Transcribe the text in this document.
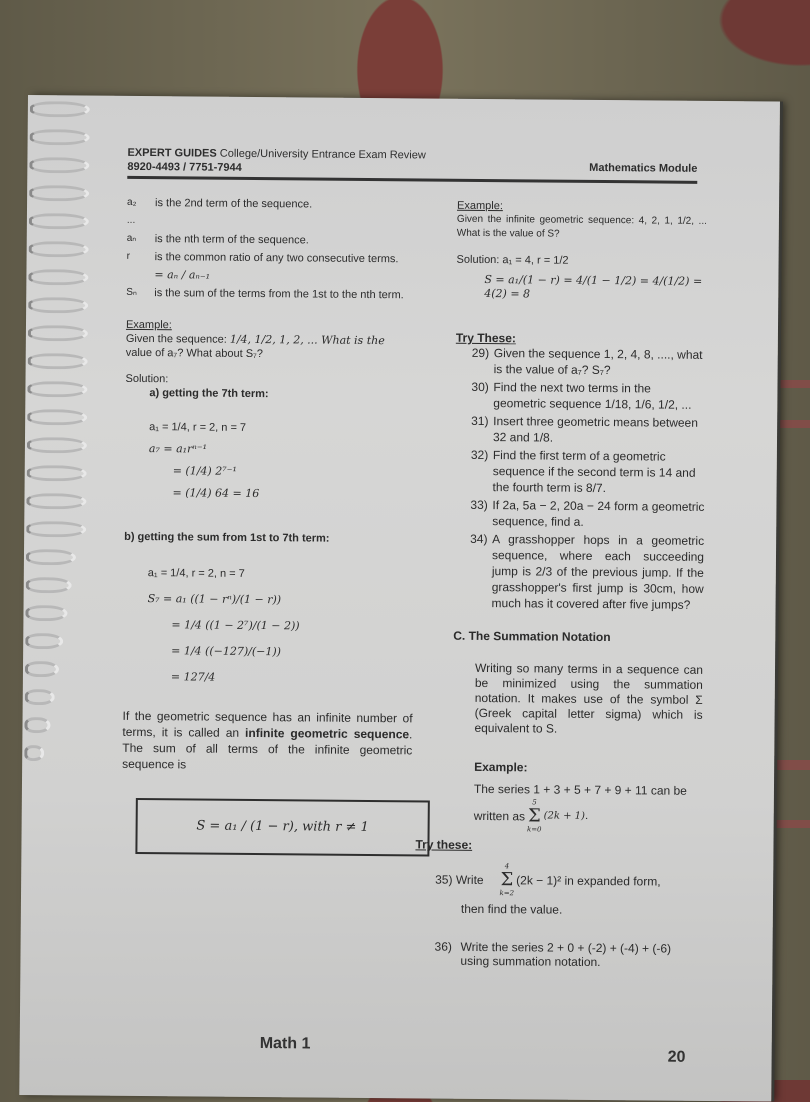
EXPERT GUIDES College/University Entrance Exam Review
8920-4493 / 7751-7944	Mathematics Module
a₂	is the 2nd term of the sequence.
...
aₙ	is the nth term of the sequence.
r	is the common ratio of any two consecutive terms.
= aₙ / aₙ₋₁
Sₙ	is the sum of the terms from the 1st to the nth term.
Example:
Given the sequence: 1/4, 1/2, 1, 2, ... What is the
value of a₇? What about S₇?
Solution:
a) getting the 7th term:
a₁ = 1/4, r = 2, n = 7
a₇ = a₁rⁿ⁻¹
= (1/4) 2⁷⁻¹
= (1/4) 64 = 16
b) getting the sum from 1st to 7th term:
a₁ = 1/4, r = 2, n = 7
S₇ = a₁ ((1 − rⁿ)/(1 − r))
= 1/4 ((1 − 2⁷)/(1 − 2))
= 1/4 ((−127)/(−1))
= 127/4
If the geometric sequence has an infinite number of terms, it is called an infinite geometric sequence. The sum of all terms of the infinite geometric sequence is
S = a₁ / (1 − r), with r ≠ 1
Example:
Given the infinite geometric sequence: 4, 2, 1, 1/2, ... What is the value of S?
Solution: a₁ = 4, r = 1/2
S = a₁/(1 − r) = 4/(1 − 1/2) = 4/(1/2) = 4(2) = 8
Try These:
29) Given the sequence 1, 2, 4, 8, ...., what is the value of a₇? S₇?
30) Find the next two terms in the geometric sequence 1/18, 1/6, 1/2, ...
31) Insert three geometric means between 32 and 1/8.
32) Find the first term of a geometric sequence if the second term is 14 and the fourth term is 8/7.
33) If 2a, 5a − 2, 20a − 24 form a geometric sequence, find a.
34) A grasshopper hops in a geometric sequence, where each succeeding jump is 2/3 of the previous jump. If the grasshopper's first jump is 30cm, how much has it covered after five jumps?
C. The Summation Notation
Writing so many terms in a sequence can be minimized using the summation notation. It makes use of the symbol Σ (Greek capital letter sigma) which is equivalent to S.
Example:
The series 1 + 3 + 5 + 7 + 9 + 11 can be
written as
5
Σ
k=0
(2k + 1).
Try these:
35) Write
4
Σ
k=2
(2k − 1)² in expanded form,
then find the value.
36) Write the series 2 + 0 + (-2) + (-4) + (-6) using summation notation.
Math 1
20
